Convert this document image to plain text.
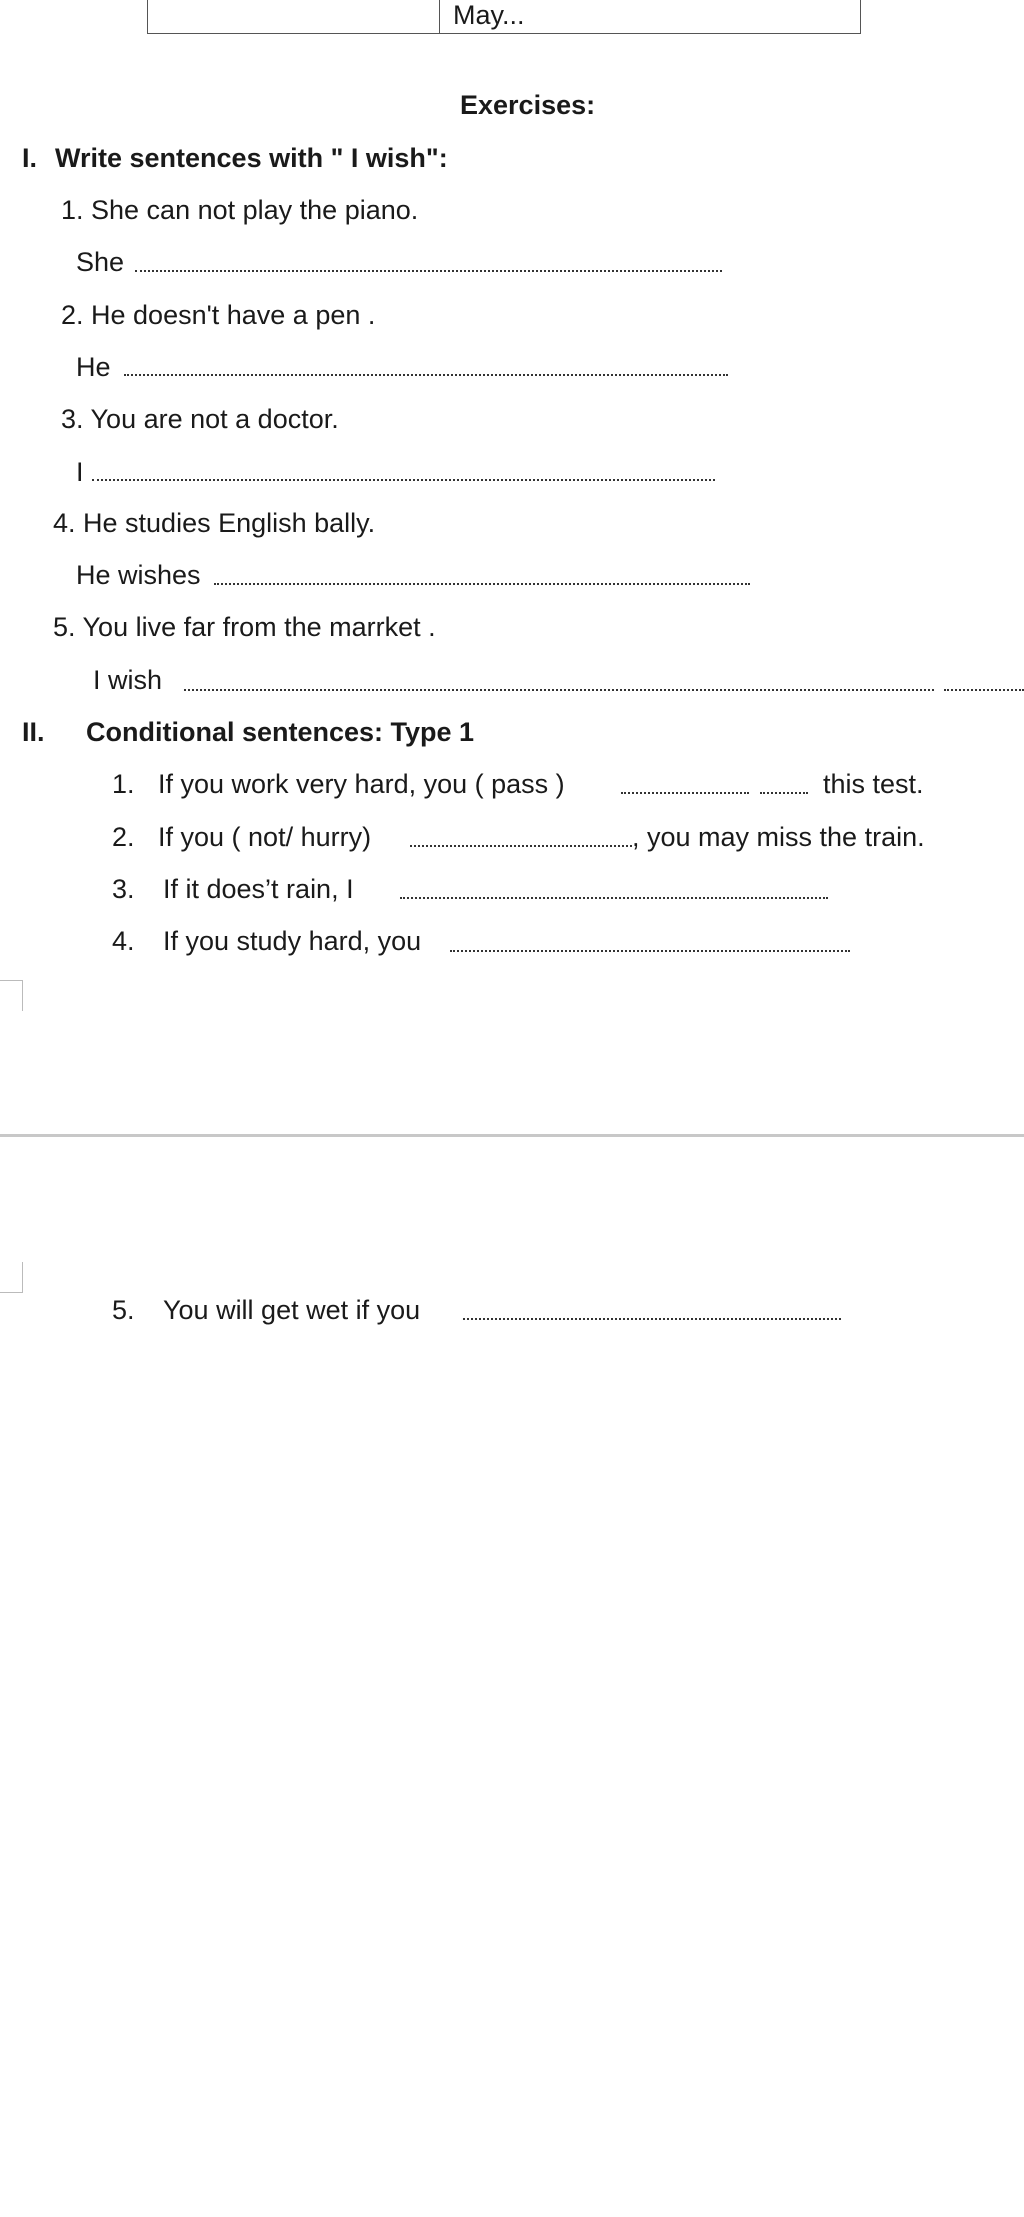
May...
Exercises:
I. Write sentences with " I wish":
1. She can not play the piano.
She
2. He doesn't have a pen .
He
3. You are not a doctor.
I
4. He studies English bally.
He wishes
5. You live far from the marrket .
I wish
II. Conditional sentences: Type 1
1. If you work very hard, you ( pass )	this test.
2. If you ( not/ hurry)	, you may miss the train.
3. If it does’t rain, I
4. If you study hard, you
5. You will get wet if you
